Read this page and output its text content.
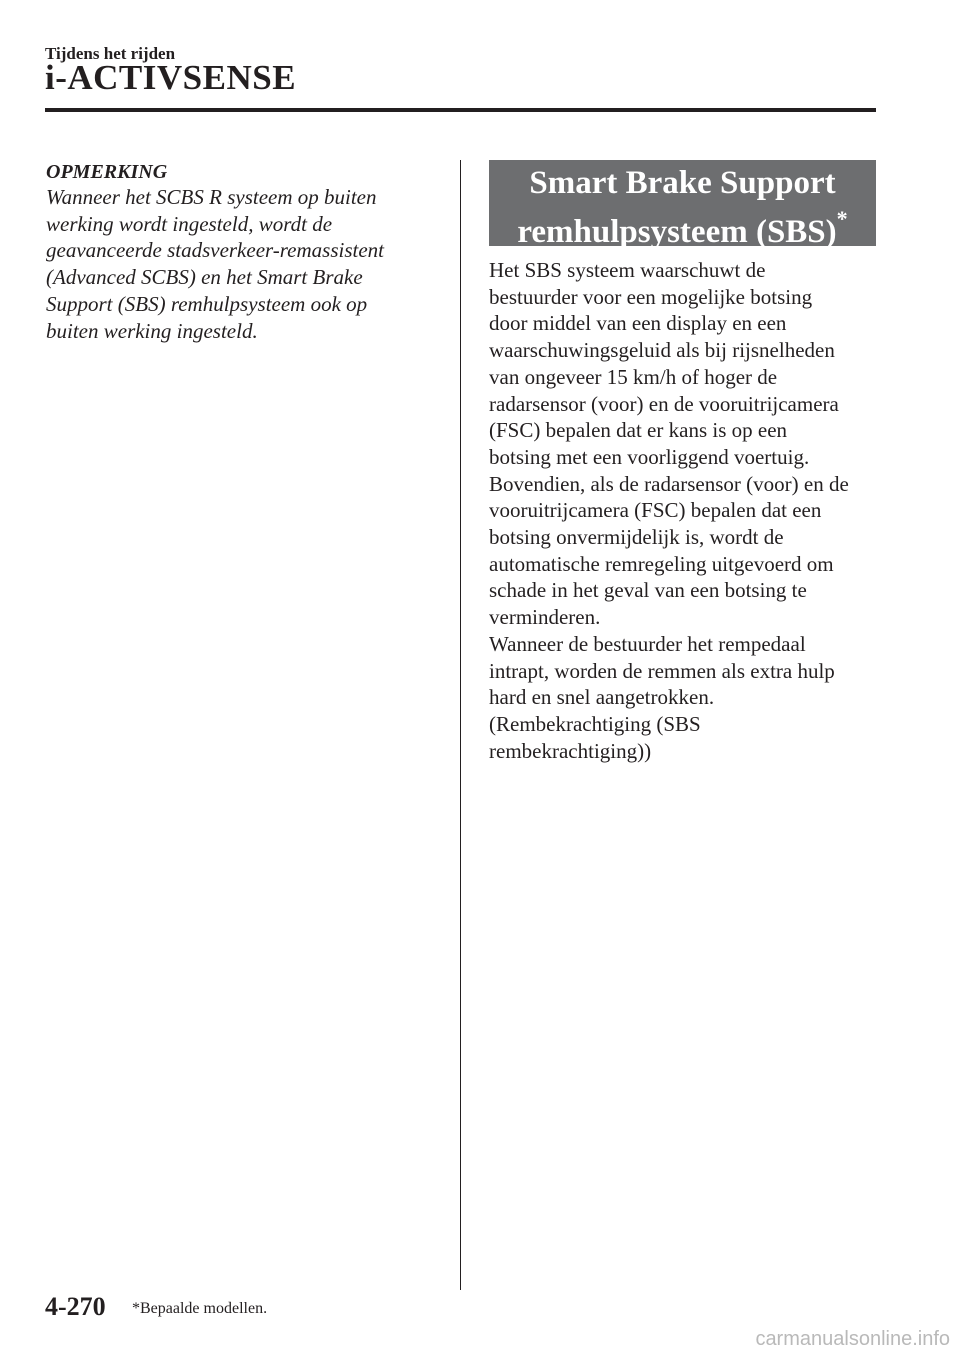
Tijdens het rijden

i-ACTIVSENSE

OPMERKING

Wanneer het SCBS R systeem op buiten
werking wordt ingesteld, wordt de
geavanceerde stadsverkeer-remassistent
(Advanced SCBS) en het Smart Brake
Support (SBS) remhulpsysteem ook op
buiten werking ingesteld.

Smart Brake Support
remhulpsysteem (SBS)*
Het SBS systeem waarschuwt de
bestuurder voor een mogelijke botsing
door middel van een display en een
waarschuwingsgeluid als bij rijsnelheden
van ongeveer 15 km/h of hoger de
radarsensor (voor) en de vooruitrijcamera
(FSC) bepalen dat er kans is op een
botsing met een voorliggend voertuig.
Bovendien, als de radarsensor (voor) en de
vooruitrijcamera (FSC) bepalen dat een
botsing onvermijdelijk is, wordt de
automatische remregeling uitgevoerd om
schade in het geval van een botsing te
verminderen.
Wanneer de bestuurder het rempedaal
intrapt, worden de remmen als extra hulp
hard en snel aangetrokken.
(Rembekrachtiging (SBS
rembekrachtiging))

4-270 *Bepaalde modellen.

carmanualsonline.info
